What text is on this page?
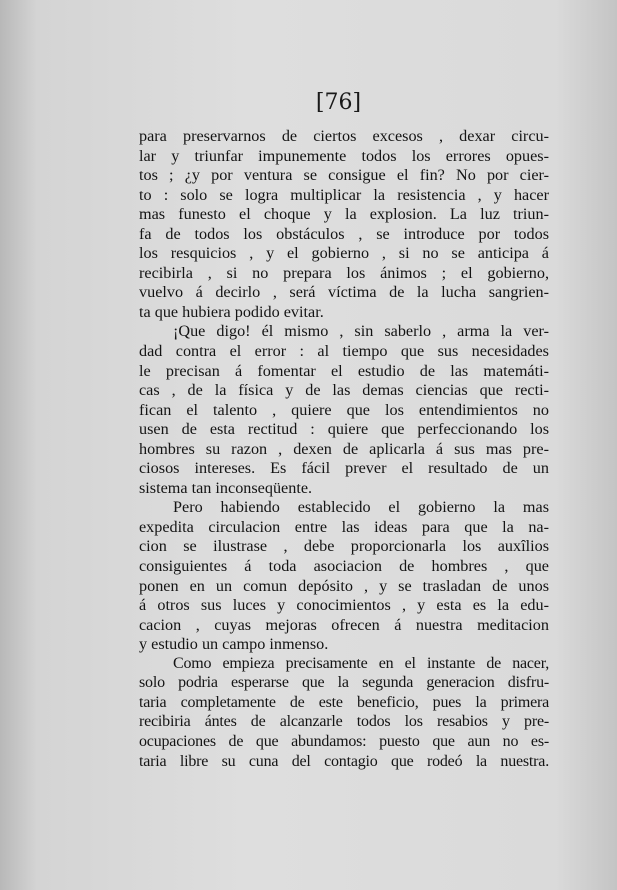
[76]
para preservarnos de ciertos excesos , dexar circu-
lar y triunfar impunemente todos los errores opues-
tos ; ¿y por ventura se consigue el fin? No por cier-
to : solo se logra multiplicar la resistencia , y hacer
mas funesto el choque y la explosion. La luz triun-
fa de todos los obstáculos , se introduce por todos
los resquicios , y el gobierno , si no se anticipa á
recibirla , si no prepara los ánimos ; el gobierno,
vuelvo á decirlo , será víctima de la lucha sangrien-
ta que hubiera podido evitar.
¡Que digo! él mismo , sin saberlo , arma la ver-
dad contra el error : al tiempo que sus necesidades
le precisan á fomentar el estudio de las matemáti-
cas , de la física y de las demas ciencias que recti-
fican el talento , quiere que los entendimientos no
usen de esta rectitud : quiere que perfeccionando los
hombres su razon , dexen de aplicarla á sus mas pre-
ciosos intereses. Es fácil prever el resultado de un
sistema tan inconseqüente.
Pero habiendo establecido el gobierno la mas
expedita circulacion entre las ideas para que la na-
cion se ilustrase , debe proporcionarla los auxîlios
consiguientes á toda asociacion de hombres , que
ponen en un comun depósito , y se trasladan de unos
á otros sus luces y conocimientos , y esta es la edu-
cacion , cuyas mejoras ofrecen á nuestra meditacion
y estudio un campo inmenso.
Como empieza precisamente en el instante de nacer,
solo podria esperarse que la segunda generacion disfru-
taria completamente de este beneficio, pues la primera
recibiria ántes de alcanzarle todos los resabios y pre-
ocupaciones de que abundamos: puesto que aun no es-
taria libre su cuna del contagio que rodeó la nuestra.
